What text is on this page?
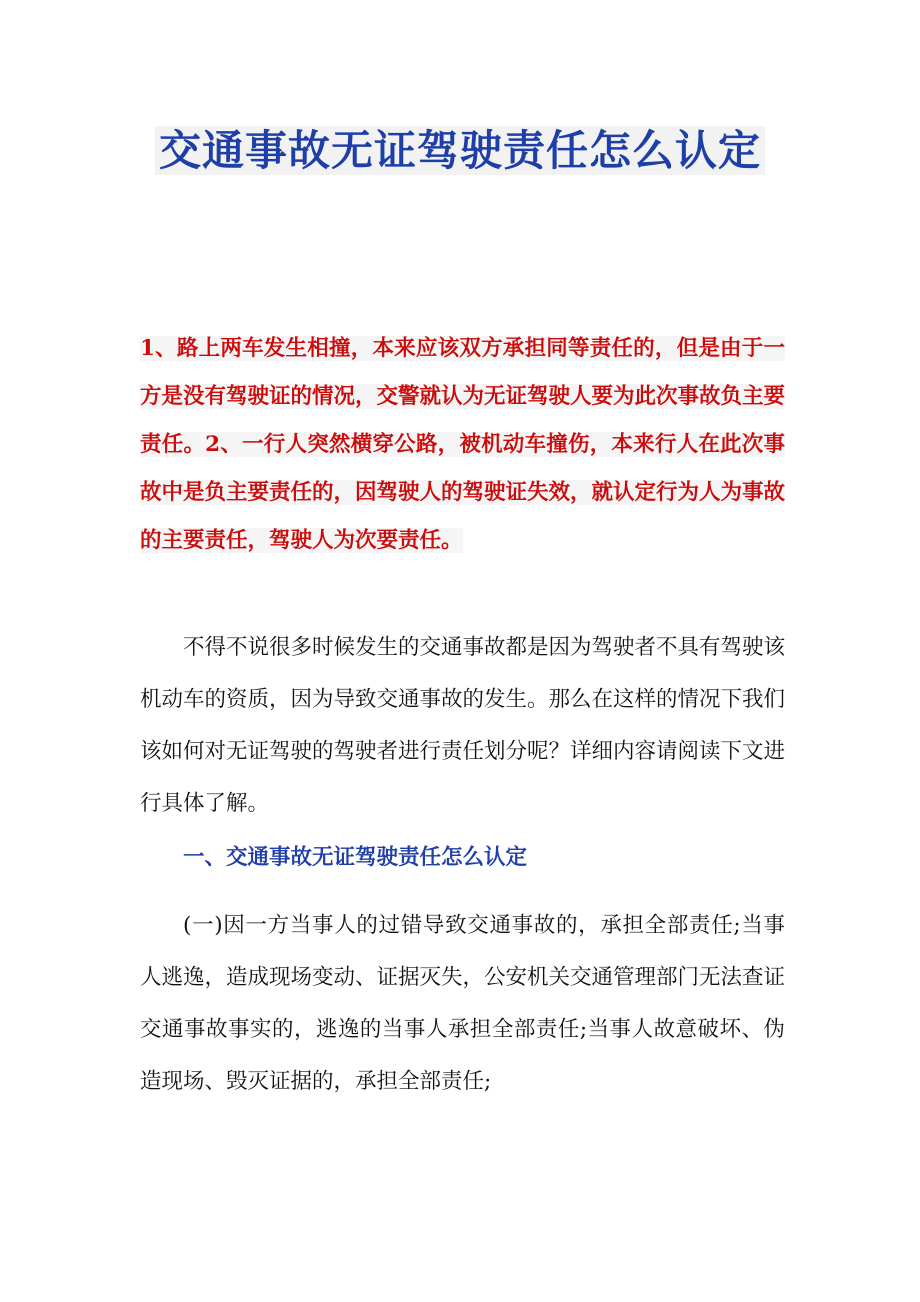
交通事故无证驾驶责任怎么认定

1、路上两车发生相撞，本来应该双方承担同等责任的，但是由于一方是没有驾驶证的情况，交警就认为无证驾驶人要为此次事故负主要责任。2、一行人突然横穿公路，被机动车撞伤，本来行人在此次事故中是负主要责任的，因驾驶人的驾驶证失效，就认定行为人为事故的主要责任，驾驶人为次要责任。

不得不说很多时候发生的交通事故都是因为驾驶者不具有驾驶该机动车的资质，因为导致交通事故的发生。那么在这样的情况下我们该如何对无证驾驶的驾驶者进行责任划分呢？详细内容请阅读下文进行具体了解。

一、交通事故无证驾驶责任怎么认定

(一)因一方当事人的过错导致交通事故的，承担全部责任;当事人逃逸，造成现场变动、证据灭失，公安机关交通管理部门无法查证交通事故事实的，逃逸的当事人承担全部责任;当事人故意破坏、伪造现场、毁灭证据的，承担全部责任;
